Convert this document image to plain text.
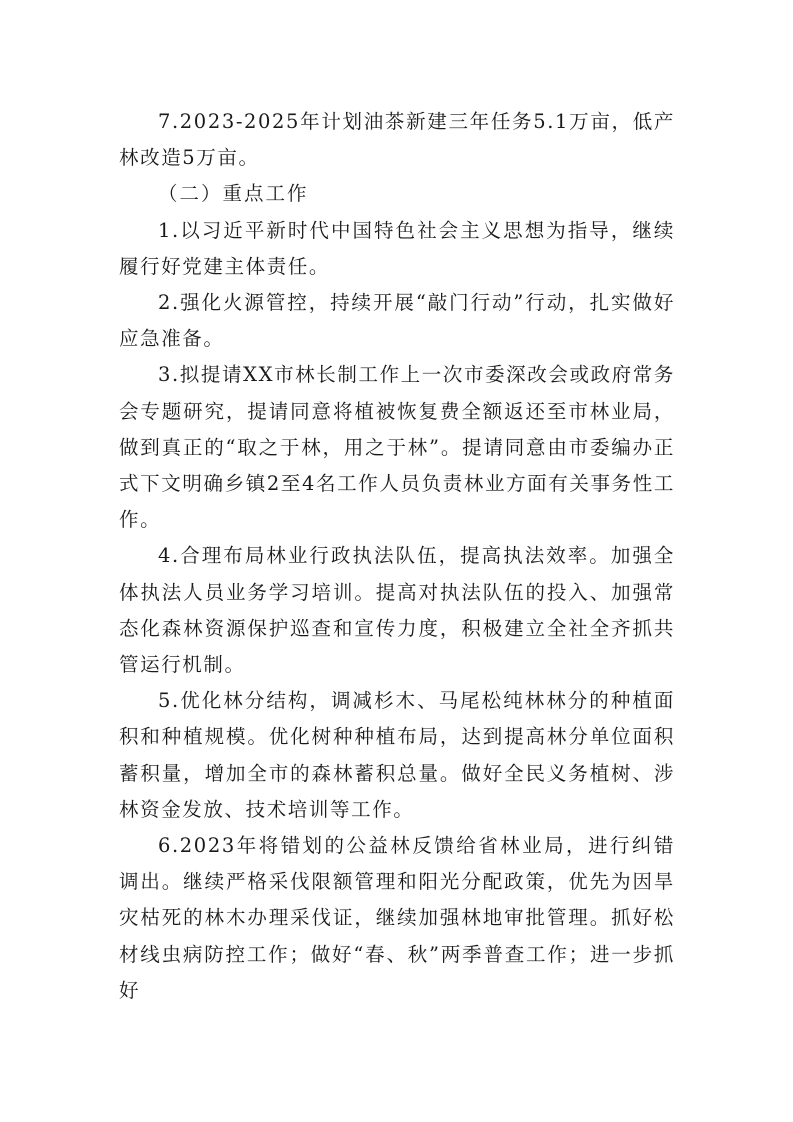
7.2023-2025年计划油茶新建三年任务5.1万亩，低产林改造5万亩。

（二）重点工作

1.以习近平新时代中国特色社会主义思想为指导，继续履行好党建主体责任。

2.强化火源管控，持续开展“敲门行动”行动，扎实做好应急准备。

3.拟提请XX市林长制工作上一次市委深改会或政府常务会专题研究，提请同意将植被恢复费全额返还至市林业局，做到真正的“取之于林，用之于林”。提请同意由市委编办正式下文明确乡镇2至4名工作人员负责林业方面有关事务性工作。

4.合理布局林业行政执法队伍，提高执法效率。加强全体执法人员业务学习培训。提高对执法队伍的投入、加强常态化森林资源保护巡查和宣传力度，积极建立全社全齐抓共管运行机制。

5.优化林分结构，调减杉木、马尾松纯林林分的种植面积和种植规模。优化树种种植布局，达到提高林分单位面积蓄积量，增加全市的森林蓄积总量。做好全民义务植树、涉林资金发放、技术培训等工作。

6.2023年将错划的公益林反馈给省林业局，进行纠错调出。继续严格采伐限额管理和阳光分配政策，优先为因旱灾枯死的林木办理采伐证，继续加强林地审批管理。抓好松材线虫病防控工作；做好“春、秋”两季普查工作；进一步抓好
